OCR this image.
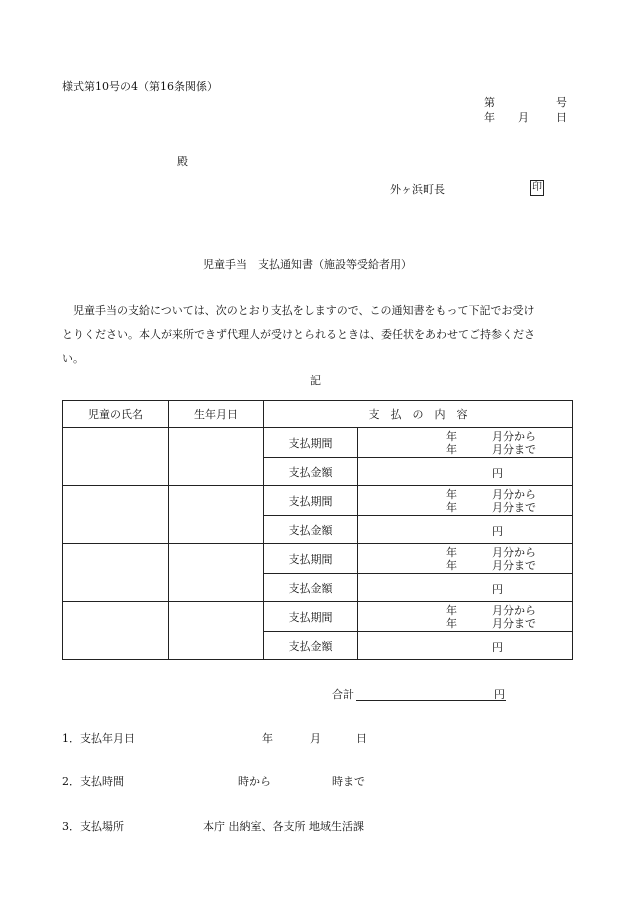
様式第10号の4（第16条関係）
第	号
年 月 日
殿
外ヶ浜町長	印
児童手当　支払通知書（施設等受給者用）
　児童手当の支給については、次のとおり支払をしますので、この通知書をもって下記でお受け
とりください。本人が来所できず代理人が受けとられるときは、委任状をあわせてご持参くださ
い。
記
児童の氏名	生年月日	支　払　の　内　容	
		支払期間	年 月分から
年 月分まで

		支払金額	円

		支払期間	年 月分から
年 月分まで

		支払金額	円

		支払期間	年 月分から
年 月分まで

		支払金額	円

		支払期間	年 月分から
年 月分まで

		支払金額	円
合計	円
1．支払年月日	年	月	日
2．支払時間	時から	時まで
3．支払場所	本庁 出納室、各支所 地域生活課
